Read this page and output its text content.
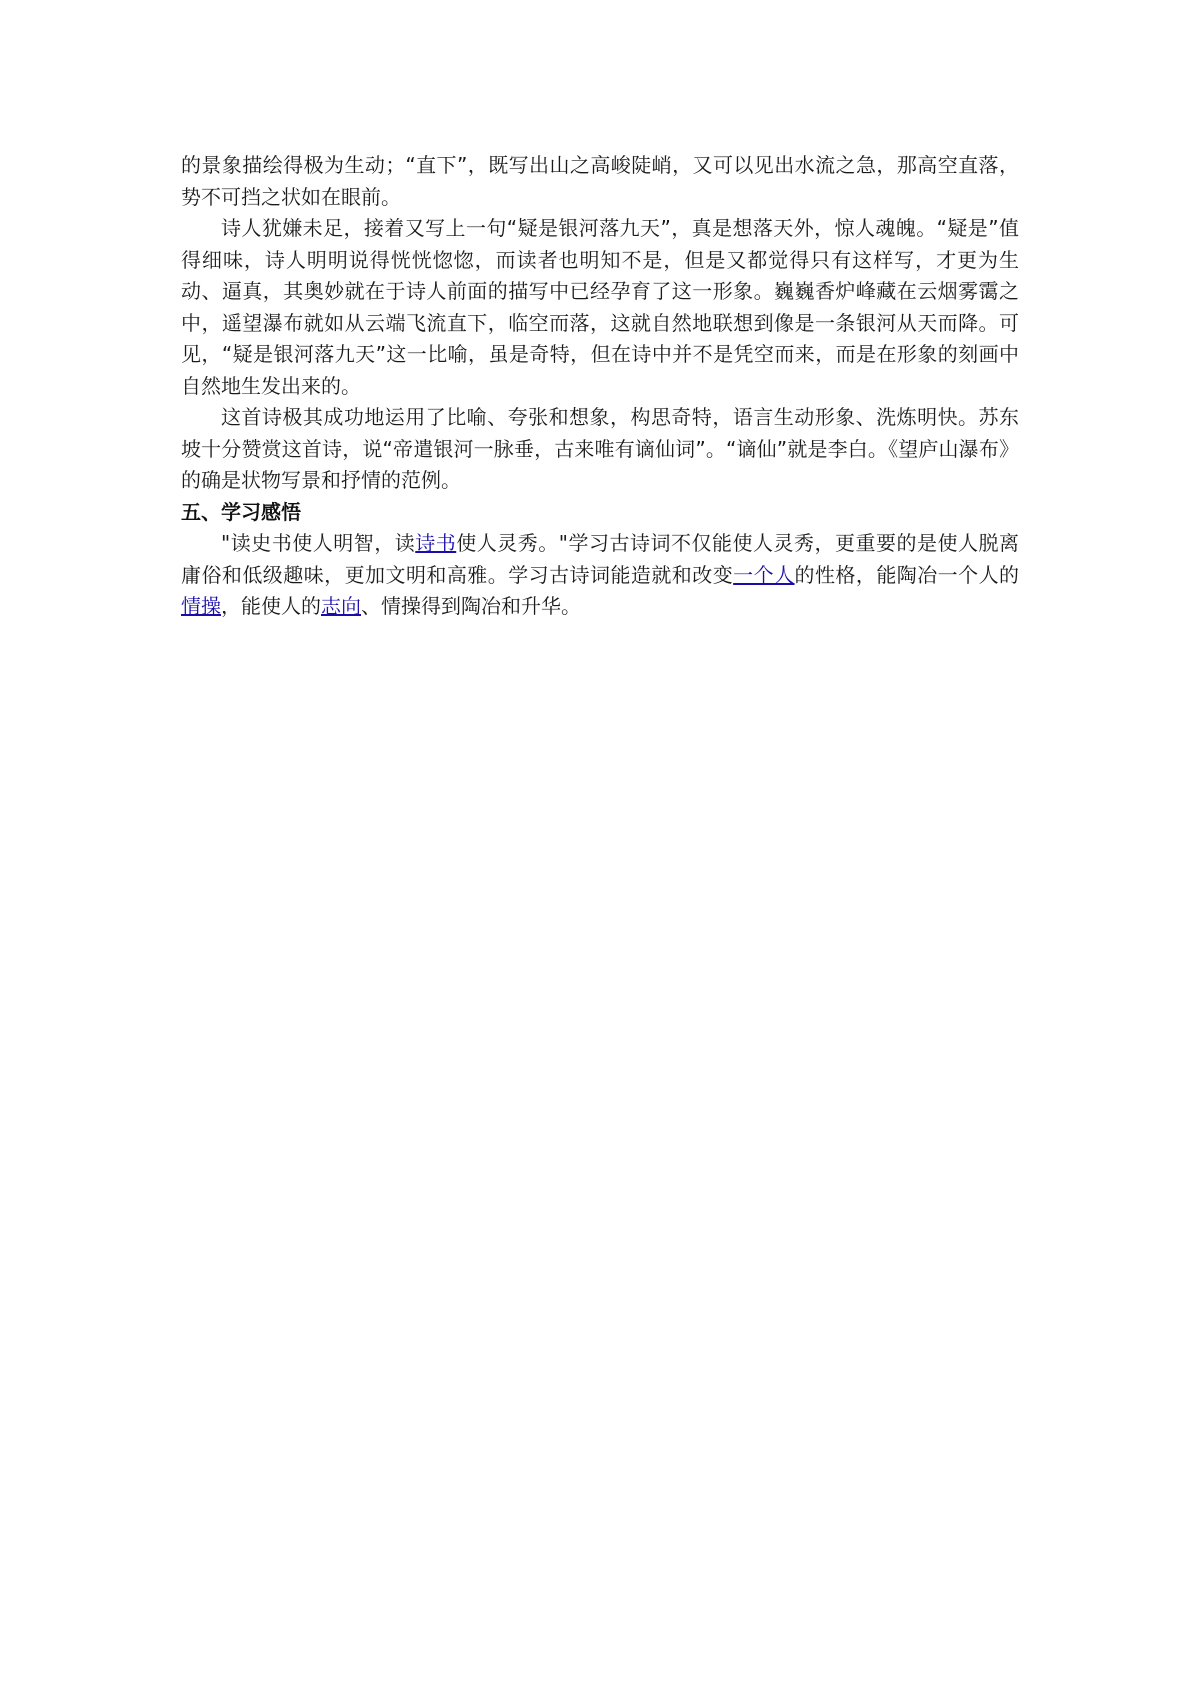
的景象描绘得极为生动；“直下”，既写出山之高峻陡峭，又可以见出水流之急，那高空直落，势不可挡之状如在眼前。

诗人犹嫌未足，接着又写上一句“疑是银河落九天”，真是想落天外，惊人魂魄。“疑是”值得细味，诗人明明说得恍恍惚惚，而读者也明知不是，但是又都觉得只有这样写，才更为生动、逼真，其奥妙就在于诗人前面的描写中已经孕育了这一形象。巍巍香炉峰藏在云烟雾霭之中，遥望瀑布就如从云端飞流直下，临空而落，这就自然地联想到像是一条银河从天而降。可见，“疑是银河落九天”这一比喻，虽是奇特，但在诗中并不是凭空而来，而是在形象的刻画中自然地生发出来的。

这首诗极其成功地运用了比喻、夸张和想象，构思奇特，语言生动形象、洗炼明快。苏东坡十分赞赏这首诗，说“帝遣银河一脉垂，古来唯有谪仙词”。“谪仙”就是李白。《望庐山瀑布》的确是状物写景和抒情的范例。

五、学习感悟

"读史书使人明智，读诗书使人灵秀。"学习古诗词不仅能使人灵秀，更重要的是使人脱离庸俗和低级趣味，更加文明和高雅。学习古诗词能造就和改变一个人的性格，能陶冶一个人的情操，能使人的志向、情操得到陶冶和升华。
